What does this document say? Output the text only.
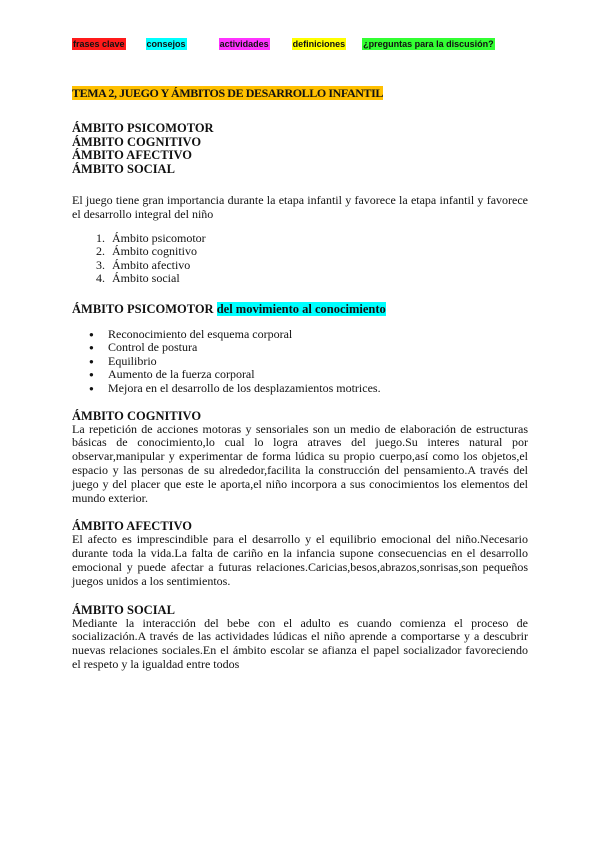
frases clave consejos	actividades	definiciones ¿preguntas para la discusión?
TEMA 2, JUEGO Y ÁMBITOS DE DESARROLLO INFANTIL
ÁMBITO PSICOMOTOR
ÁMBITO COGNITIVO
ÁMBITO AFECTIVO
ÁMBITO SOCIAL

El juego tiene gran importancia durante la etapa infantil y favorece la etapa infantil y favorece el desarrollo integral del niño

1. Ámbito psicomotor
2. Ámbito cognitivo
3. Ámbito afectivo
4. Ámbito social
ÁMBITO PSICOMOTOR del movimiento al conocimiento
● Reconocimiento del esquema corporal
● Control de postura
● Equilibrio
● Aumento de la fuerza corporal
● Mejora en el desarrollo de los desplazamientos motrices.
ÁMBITO COGNITIVO

La repetición de acciones motoras y sensoriales son un medio de elaboración de estructuras básicas de conocimiento,lo cual lo logra atraves del juego.Su interes natural por observar,manipular y experimentar de forma lúdica su propio cuerpo,así como los objetos,el espacio y las personas de su alrededor,facilita la construcción del pensamiento.A través del juego y del placer que este le aporta,el niño incorpora a sus conocimientos los elementos del mundo exterior.

ÁMBITO AFECTIVO

El afecto es imprescindible para el desarrollo y el equilibrio emocional del niño.Necesario durante toda la vida.La falta de cariño en la infancia supone consecuencias en el desarrollo emocional y puede afectar a futuras relaciones.Caricias,besos,abrazos,sonrisas,son pequeños juegos unidos a los sentimientos.

ÁMBITO SOCIAL

Mediante la interacción del bebe con el adulto es cuando comienza el proceso de socialización.A través de las actividades lúdicas el niño aprende a comportarse y a descubrir nuevas relaciones sociales.En el ámbito escolar se afianza el papel socializador favoreciendo el respeto y la igualdad entre todos
